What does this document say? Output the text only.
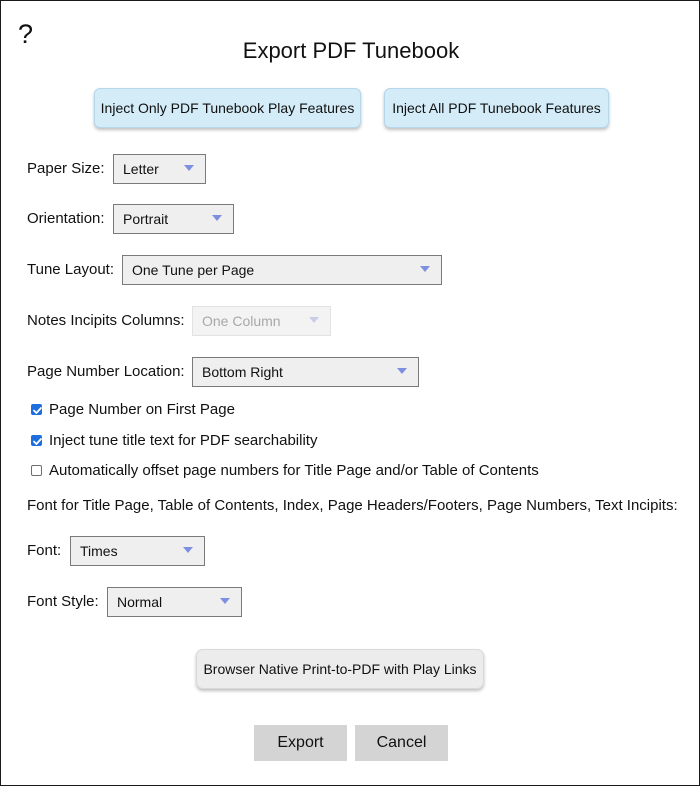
?
Export PDF Tunebook
Inject Only PDF Tunebook Play Features	Inject All PDF Tunebook Features
Paper Size:	Letter
Orientation:	Portrait
Tune Layout:	One Tune per Page
Notes Incipits Columns:	One Column
Page Number Location:	Bottom Right
Page Number on First Page
Inject tune title text for PDF searchability
Automatically offset page numbers for Title Page and/or Table of Contents
Font for Title Page, Table of Contents, Index, Page Headers/Footers, Page Numbers, Text Incipits:
Font:	Times
Font Style:	Normal
Browser Native Print-to-PDF with Play Links
Export	Cancel
